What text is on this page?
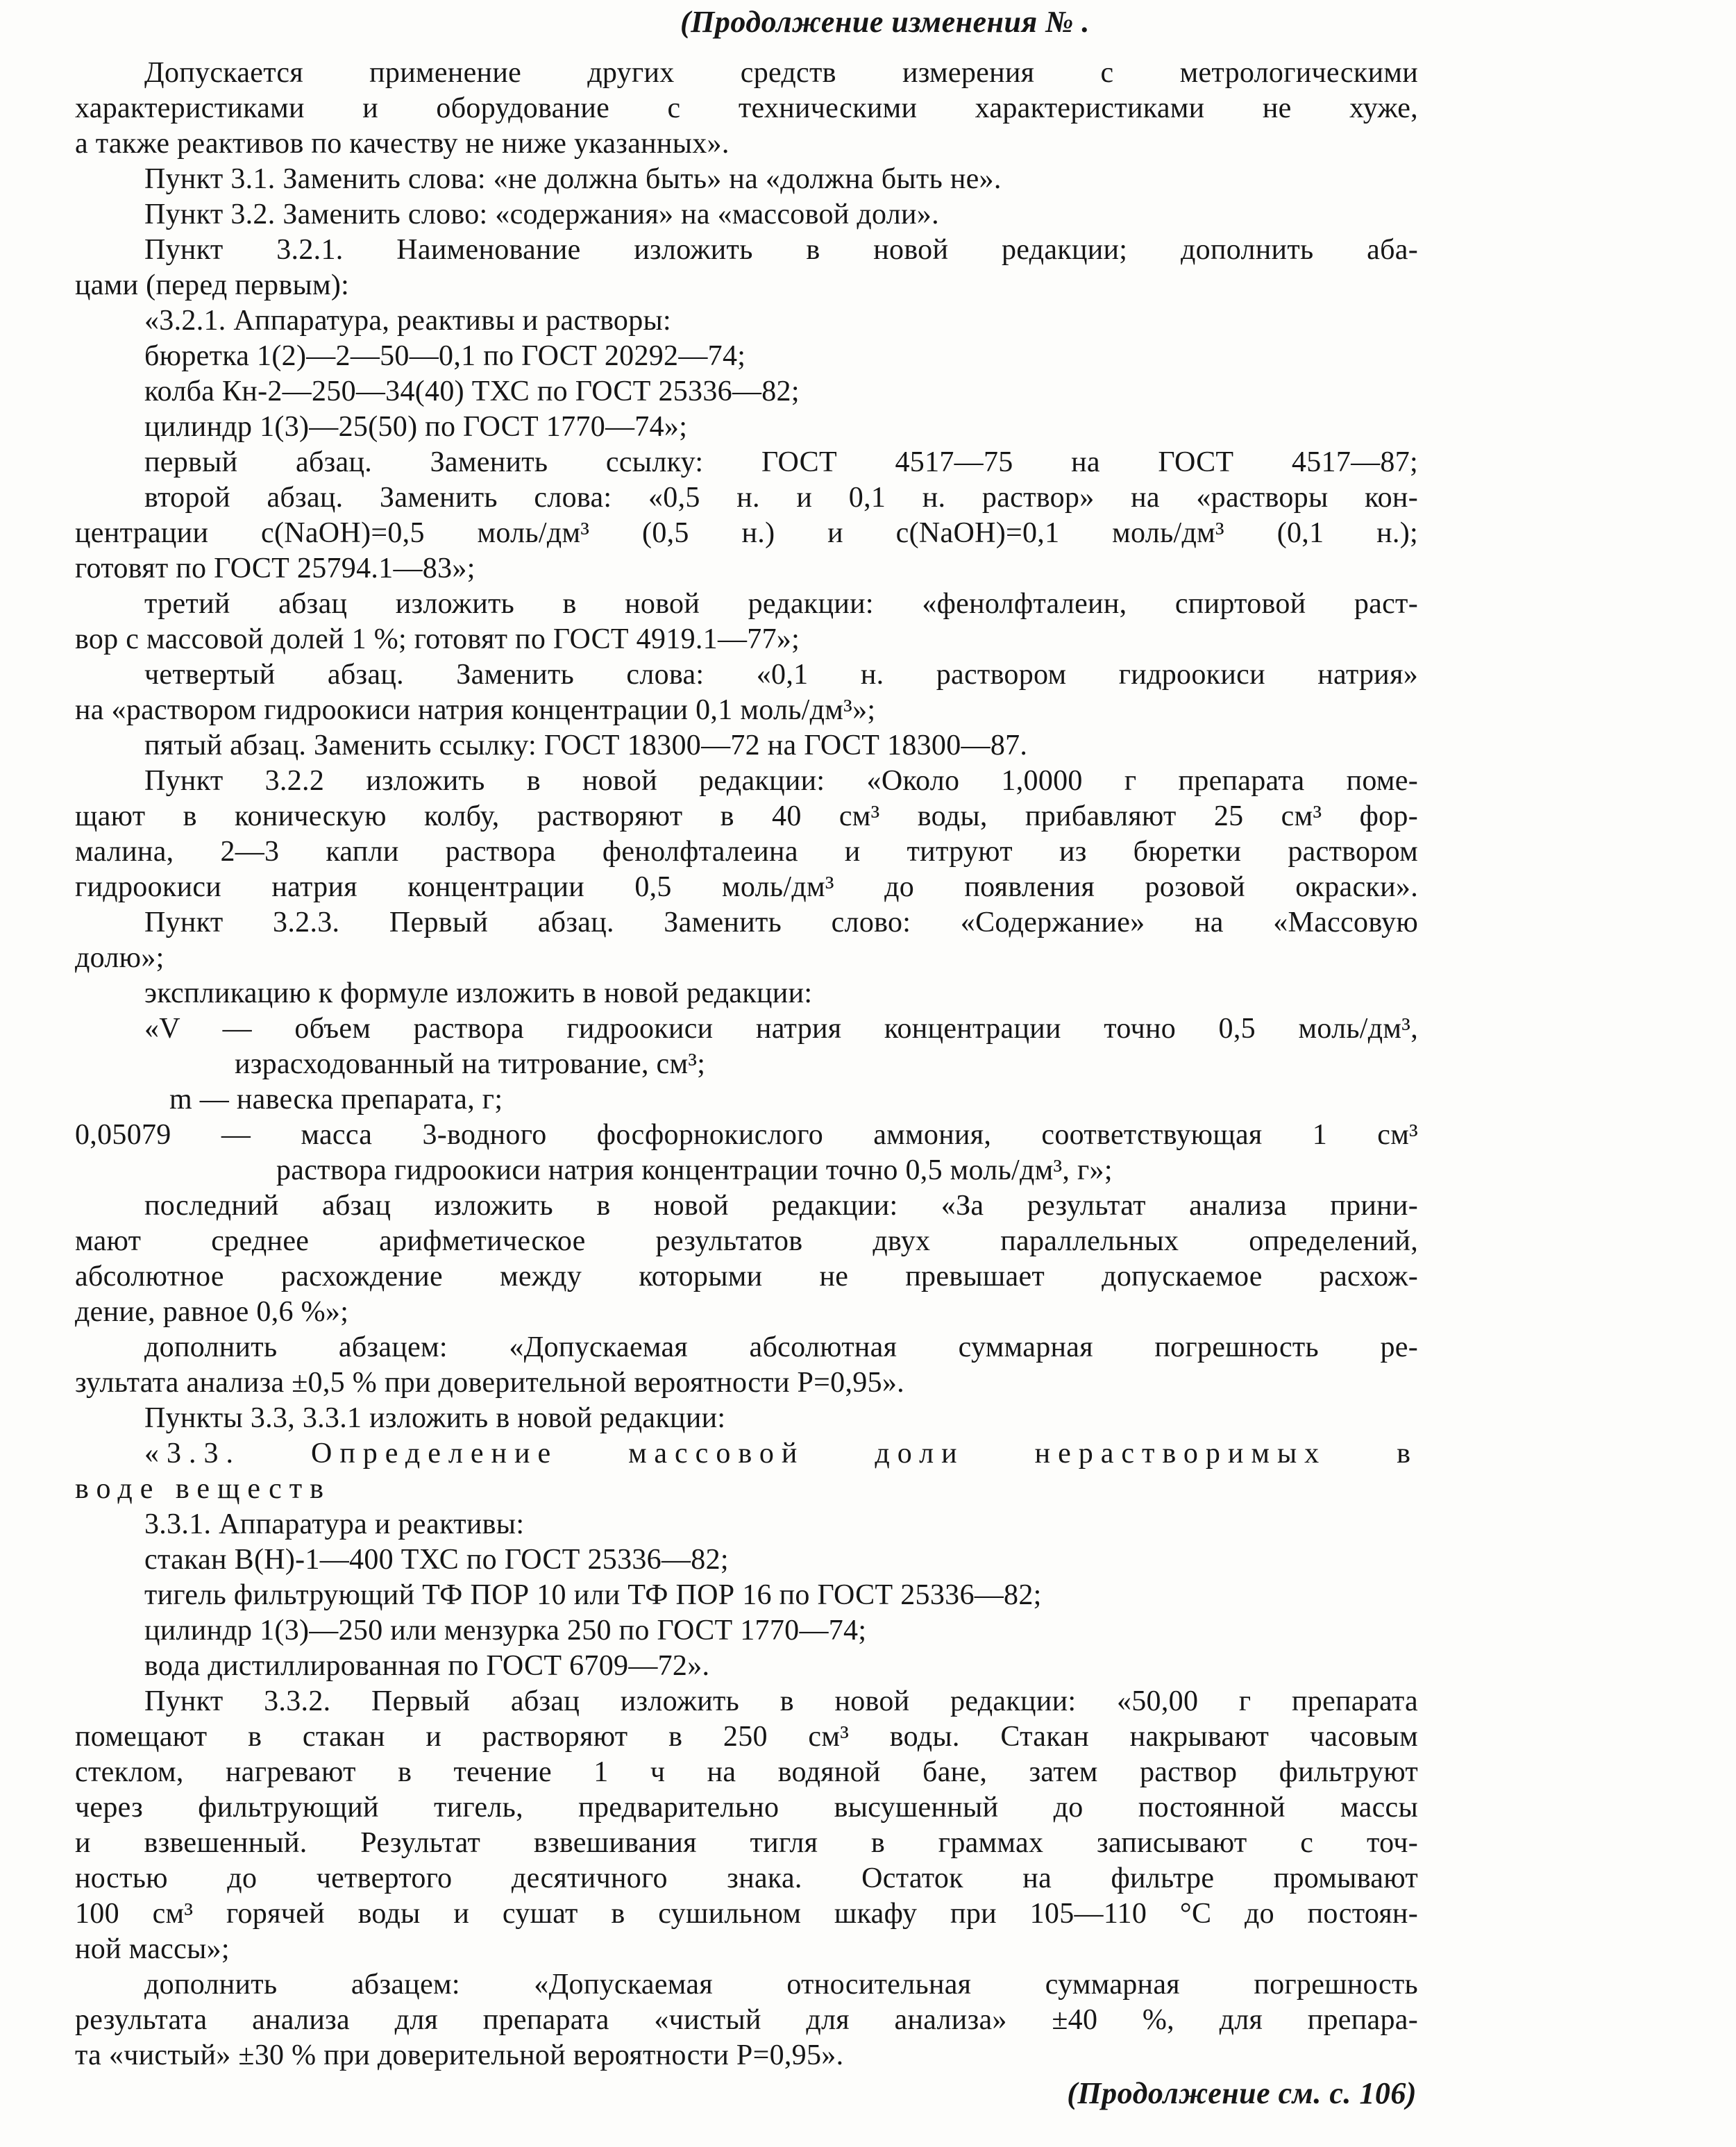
(Продолжение изменения № .
Допускается применение других средств измерения с метрологическими
характеристиками и оборудование с техническими характеристиками не хуже,
а также реактивов по качеству не ниже указанных».
Пункт 3.1. Заменить слова: «не должна быть» на «должна быть не».
Пункт 3.2. Заменить слово: «содержания» на «массовой доли».
Пункт 3.2.1. Наименование изложить в новой редакции; дополнить аба-
цами (перед первым):
«3.2.1. Аппаратура, реактивы и растворы:
бюретка 1(2)—2—50—0,1 по ГОСТ 20292—74;
колба Кн-2—250—34(40) ТХС по ГОСТ 25336—82;
цилиндр 1(3)—25(50) по ГОСТ 1770—74»;
первый абзац. Заменить ссылку: ГОСТ 4517—75 на ГОСТ 4517—87;
второй абзац. Заменить слова: «0,5 н. и 0,1 н. раствор» на «растворы кон-
центрации c(NaOH)=0,5 моль/дм³ (0,5 н.) и c(NaOH)=0,1 моль/дм³ (0,1 н.);
готовят по ГОСТ 25794.1—83»;
третий абзац изложить в новой редакции: «фенолфталеин, спиртовой раст-
вор с массовой долей 1 %; готовят по ГОСТ 4919.1—77»;
четвертый абзац. Заменить слова: «0,1 н. раствором гидроокиси натрия»
на «раствором гидроокиси натрия концентрации 0,1 моль/дм³»;
пятый абзац. Заменить ссылку: ГОСТ 18300—72 на ГОСТ 18300—87.
Пункт 3.2.2 изложить в новой редакции: «Около 1,0000 г препарата поме-
щают в коническую колбу, растворяют в 40 см³ воды, прибавляют 25 см³ фор-
малина, 2—3 капли раствора фенолфталеина и титруют из бюретки раствором
гидроокиси натрия концентрации 0,5 моль/дм³ до появления розовой окраски».
Пункт 3.2.3. Первый абзац. Заменить слово: «Содержание» на «Массовую
долю»;
экспликацию к формуле изложить в новой редакции:
«V — объем раствора гидроокиси натрия концентрации точно 0,5 моль/дм³,
израсходованный на титрование, см³;
m — навеска препарата, г;
0,05079 — масса 3-водного фосфорнокислого аммония, соответствующая 1 см³
раствора гидроокиси натрия концентрации точно 0,5 моль/дм³, г»;
последний абзац изложить в новой редакции: «За результат анализа прини-
мают среднее арифметическое результатов двух параллельных определений,
абсолютное расхождение между которыми не превышает допускаемое расхож-
дение, равное 0,6 %»;
дополнить абзацем: «Допускаемая абсолютная суммарная погрешность ре-
зультата анализа ±0,5 % при доверительной вероятности P=0,95».
Пункты 3.3, 3.3.1 изложить в новой редакции:
«3.3. Определение массовой доли нерастворимых в
воде веществ
3.3.1. Аппаратура и реактивы:
стакан В(Н)-1—400 ТХС по ГОСТ 25336—82;
тигель фильтрующий ТФ ПОР 10 или ТФ ПОР 16 по ГОСТ 25336—82;
цилиндр 1(3)—250 или мензурка 250 по ГОСТ 1770—74;
вода дистиллированная по ГОСТ 6709—72».
Пункт 3.3.2. Первый абзац изложить в новой редакции: «50,00 г препарата
помещают в стакан и растворяют в 250 см³ воды. Стакан накрывают часовым
стеклом, нагревают в течение 1 ч на водяной бане, затем раствор фильтруют
через фильтрующий тигель, предварительно высушенный до постоянной массы
и взвешенный. Результат взвешивания тигля в граммах записывают с точ-
ностью до четвертого десятичного знака. Остаток на фильтре промывают
100 см³ горячей воды и сушат в сушильном шкафу при 105—110 °С до постоян-
ной массы»;
дополнить абзацем: «Допускаемая относительная суммарная погрешность
результата анализа для препарата «чистый для анализа» ±40 %, для препара-
та «чистый» ±30 % при доверительной вероятности P=0,95».
(Продолжение см. с. 106)
